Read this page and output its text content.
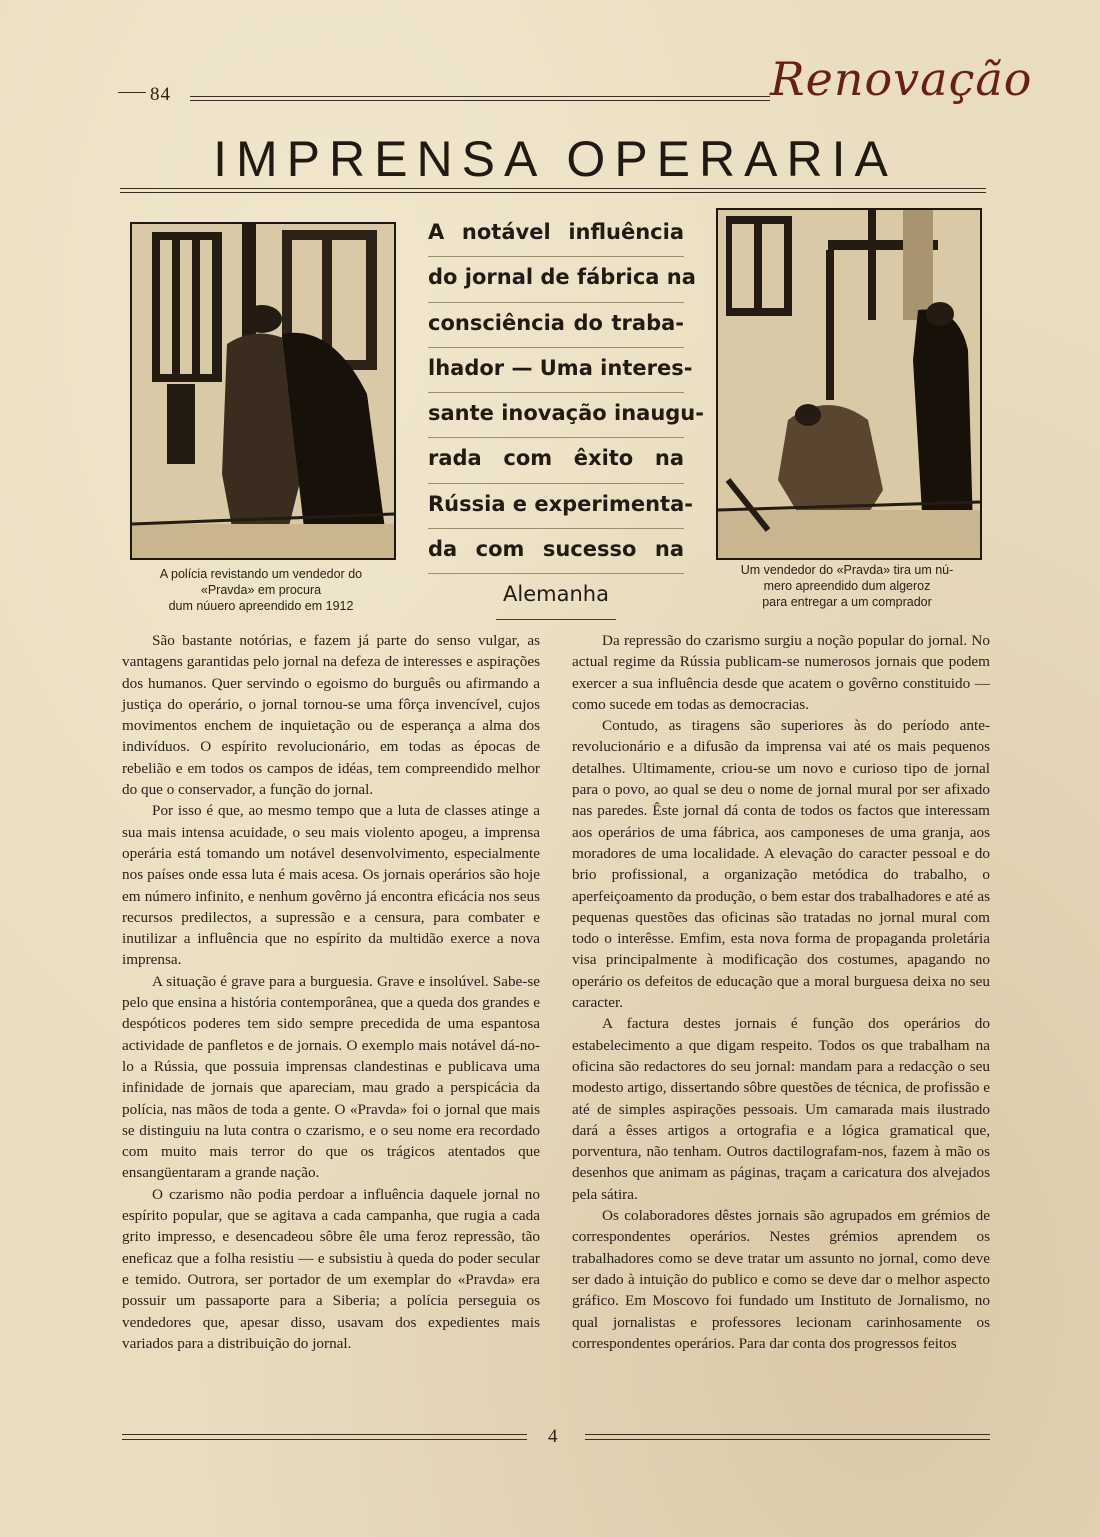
84	Renovação
IMPRENSA OPERARIA
A polícia revistando um vendedor do
«Pravda» em procura
dum núuero apreendido em 1912
A notável influência
do jornal de fábrica na
consciência do traba-
lhador — Uma interes-
sante inovação inaugu-
rada com êxito na
Rússia e experimenta-
da com sucesso na
Alemanha
Um vendedor do «Pravda» tira um nú-
mero apreendido dum algeroz
para entregar a um comprador

São bastante notórias, e fazem já parte do senso vulgar, as vantagens garantidas pelo jornal na defeza de interesses e aspirações dos humanos. Quer servindo o egoismo do burguês ou afirmando a justiça do operário, o jornal tornou-se uma fôrça invencível, cujos movimentos enchem de inquietação ou de esperança a alma dos indivíduos. O espírito revolucionário, em todas as épocas de rebelião e em todos os campos de idéas, tem compreendido melhor do que o conservador, a função do jornal.

Por isso é que, ao mesmo tempo que a luta de classes atinge a sua mais intensa acuidade, o seu mais violento apogeu, a imprensa operária está tomando um notável desenvolvimento, especialmente nos países onde essa luta é mais acesa. Os jornais operários são hoje em número infinito, e nenhum govêrno já encontra eficácia nos seus recursos predilectos, a supressão e a censura, para combater e inutilizar a influência que no espírito da multidão exerce a nova imprensa.

A situação é grave para a burguesia. Grave e insolúvel. Sabe-se pelo que ensina a história contemporânea, que a queda dos grandes e despóticos poderes tem sido sempre precedida de uma espantosa actividade de panfletos e de jornais. O exemplo mais notável dá-no-lo a Rússia, que possuia imprensas clandestinas e publicava uma infinidade de jornais que apareciam, mau grado a perspicácia da polícia, nas mãos de toda a gente. O «Pravda» foi o jornal que mais se distinguiu na luta contra o czarismo, e o seu nome era recordado com muito mais terror do que os trágicos atentados que ensangüentaram a grande nação.

O czarismo não podia perdoar a influência daquele jornal no espírito popular, que se agitava a cada campanha, que rugia a cada grito impresso, e desencadeou sôbre êle uma feroz repressão, tão eneficaz que a folha resistiu — e subsistiu à queda do poder secular e temido. Outrora, ser portador de um exemplar do «Pravda» era possuir um passaporte para a Siberia; a polícia perseguia os vendedores que, apesar disso, usavam dos expedientes mais variados para a distribuição do jornal.

Da repressão do czarismo surgiu a noção popular do jornal. No actual regime da Rússia publicam-se numerosos jornais que podem exercer a sua influência desde que acatem o govêrno constituido — como sucede em todas as democracias.

Contudo, as tiragens são superiores às do período ante-revolucionário e a difusão da imprensa vai até os mais pequenos detalhes. Ultimamente, criou-se um novo e curioso tipo de jornal para o povo, ao qual se deu o nome de jornal mural por ser afixado nas paredes. Êste jornal dá conta de todos os factos que interessam aos operários de uma fábrica, aos camponeses de uma granja, aos moradores de uma localidade. A elevação do caracter pessoal e do brio profissional, a organização metódica do trabalho, o aperfeiçoamento da produção, o bem estar dos trabalhadores e até as pequenas questões das oficinas são tratadas no jornal mural com todo o interêsse. Emfim, esta nova forma de propaganda proletária visa principalmente à modificação dos costumes, apagando no operário os defeitos de educação que a moral burguesa deixa no seu caracter.

A factura destes jornais é função dos operários do estabelecimento a que digam respeito. Todos os que trabalham na oficina são redactores do seu jornal: mandam para a redacção o seu modesto artigo, dissertando sôbre questões de técnica, de profissão e até de simples aspirações pessoais. Um camarada mais ilustrado dará a êsses artigos a ortografia e a lógica gramatical que, porventura, não tenham. Outros dactilografam-nos, fazem à mão os desenhos que animam as páginas, traçam a caricatura dos alvejados pela sátira.

Os colaboradores dêstes jornais são agrupados em grémios de correspondentes operários. Nestes grémios aprendem os trabalhadores como se deve tratar um assunto no jornal, como deve ser dado à intuição do publico e como se deve dar o melhor aspecto gráfico. Em Moscovo foi fundado um Instituto de Jornalismo, no qual jornalistas e professores lecionam carinhosamente os correspondentes operários. Para dar conta dos progressos feitos

4
